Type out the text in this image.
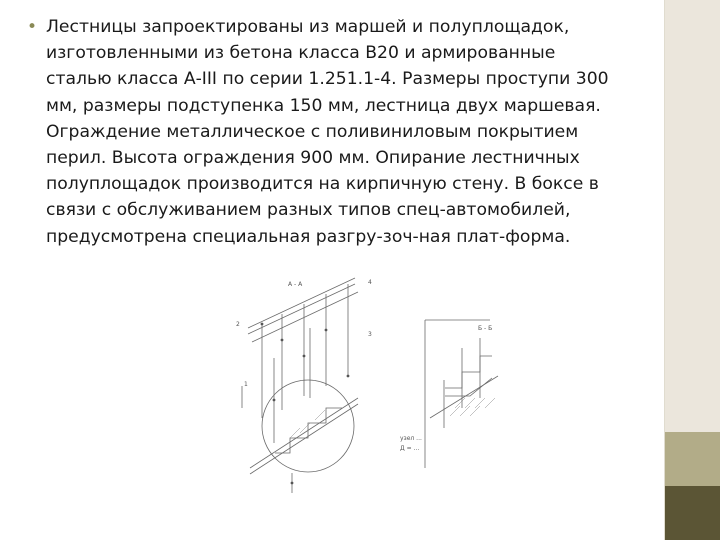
• Лестницы запроектированы из маршей и полуплощадок, изготовленными из бетона класса В20 и армированные сталью класса А-III по серии 1.251.1-4. Размеры проступи 300 мм, размеры подступенка 150 мм, лестница двух маршевая. Ограждение металлическое с поливиниловым покрытием перил. Высота ограждения 900 мм. Опирание лестничных полуплощадок производится на кирпичную стену. В боксе в связи с обслуживанием разных типов спец-автомобилей, предусмотрена специальная разгру-зоч-ная плат-форма.
А - А
Б - Б
узел ...
Д = ...
2
4
3
1
